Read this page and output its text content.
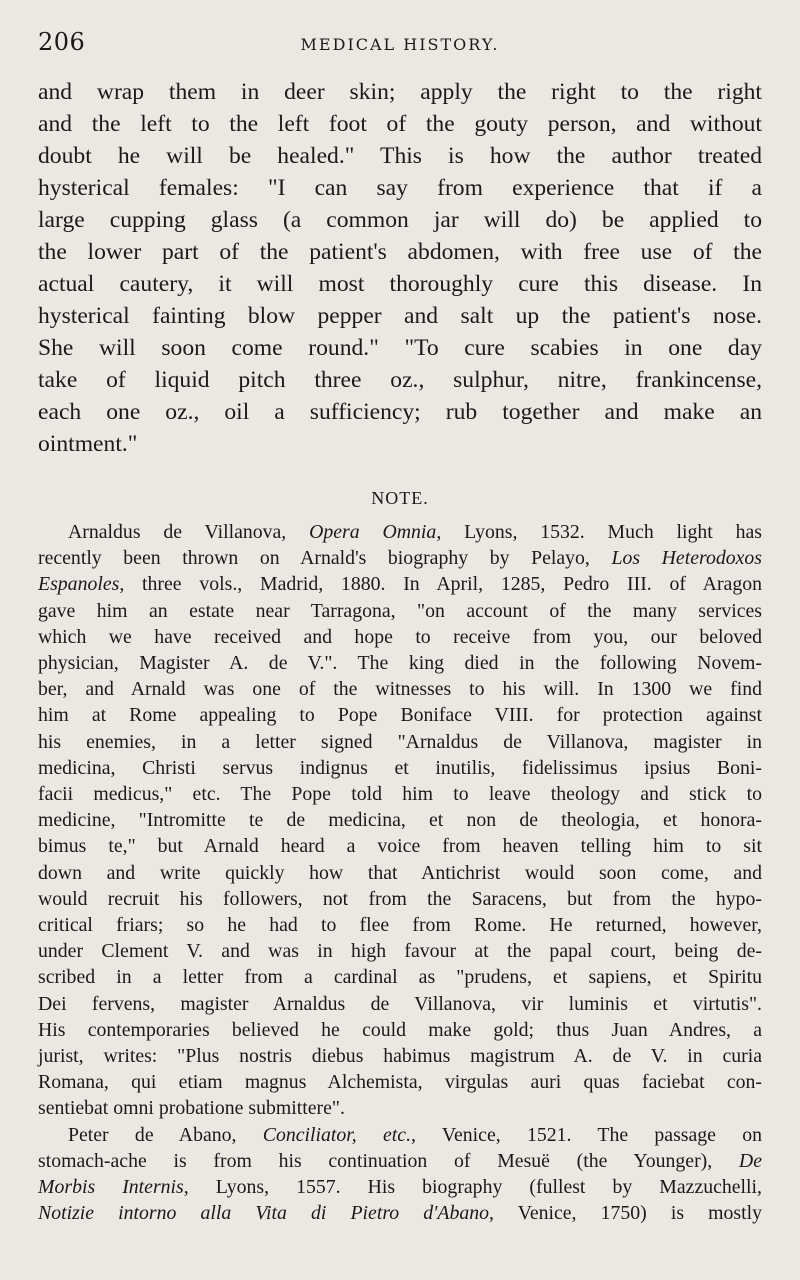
206	MEDICAL HISTORY.
and wrap them in deer skin; apply the right to the right
and the left to the left foot of the gouty person, and without
doubt he will be healed." This is how the author treated
hysterical females: "I can say from experience that if a
large cupping glass (a common jar will do) be applied to
the lower part of the patient's abdomen, with free use of the
actual cautery, it will most thoroughly cure this disease. In
hysterical fainting blow pepper and salt up the patient's nose.
She will soon come round." "To cure scabies in one day
take of liquid pitch three oz., sulphur, nitre, frankincense,
each one oz., oil a sufficiency; rub together and make an
ointment."
NOTE.
Arnaldus de Villanova, Opera Omnia, Lyons, 1532. Much light has
recently been thrown on Arnald's biography by Pelayo, Los Heterodoxos
Espanoles, three vols., Madrid, 1880. In April, 1285, Pedro III. of Aragon
gave him an estate near Tarragona, "on account of the many services
which we have received and hope to receive from you, our beloved
physician, Magister A. de V.". The king died in the following Novem-
ber, and Arnald was one of the witnesses to his will. In 1300 we find
him at Rome appealing to Pope Boniface VIII. for protection against
his enemies, in a letter signed "Arnaldus de Villanova, magister in
medicina, Christi servus indignus et inutilis, fidelissimus ipsius Boni-
facii medicus," etc. The Pope told him to leave theology and stick to
medicine, "Intromitte te de medicina, et non de theologia, et honora-
bimus te," but Arnald heard a voice from heaven telling him to sit
down and write quickly how that Antichrist would soon come, and
would recruit his followers, not from the Saracens, but from the hypo-
critical friars; so he had to flee from Rome. He returned, however,
under Clement V. and was in high favour at the papal court, being de-
scribed in a letter from a cardinal as "prudens, et sapiens, et Spiritu
Dei fervens, magister Arnaldus de Villanova, vir luminis et virtutis".
His contemporaries believed he could make gold; thus Juan Andres, a
jurist, writes: "Plus nostris diebus habimus magistrum A. de V. in curia
Romana, qui etiam magnus Alchemista, virgulas auri quas faciebat con-
sentiebat omni probatione submittere".
Peter de Abano, Conciliator, etc., Venice, 1521. The passage on
stomach-ache is from his continuation of Mesuë (the Younger), De
Morbis Internis, Lyons, 1557. His biography (fullest by Mazzuchelli,
Notizie intorno alla Vita di Pietro d'Abano, Venice, 1750) is mostly
